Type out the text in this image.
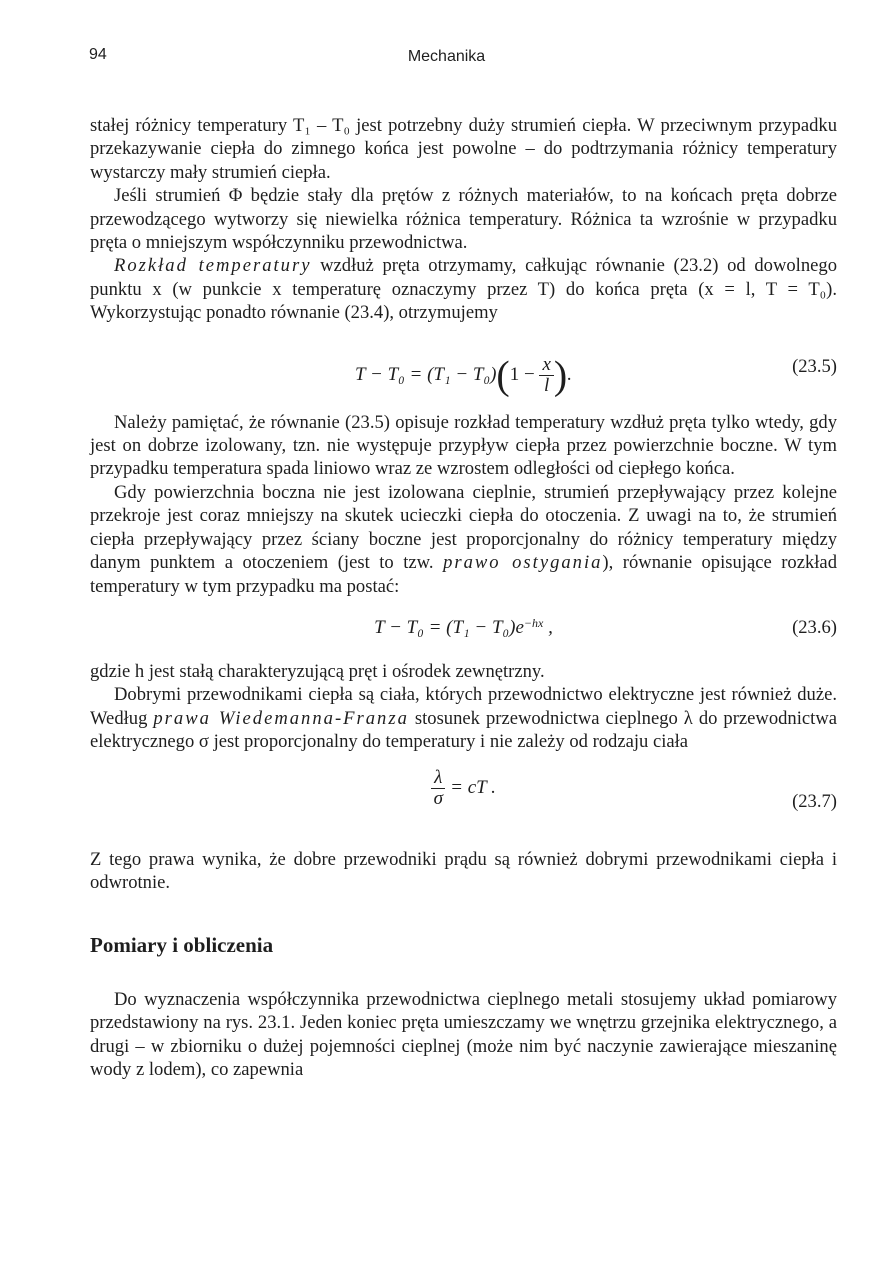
94	Mechanika

stałej różnicy temperatury T₁ – T₀ jest potrzebny duży strumień ciepła. W przeciwnym przypadku przekazywanie ciepła do zimnego końca jest powolne – do podtrzymania różnicy temperatury wystarczy mały strumień ciepła.

Jeśli strumień Φ będzie stały dla prętów z różnych materiałów, to na końcach pręta dobrze przewodzącego wytworzy się niewielka różnica temperatury. Różnica ta wzrośnie w przypadku pręta o mniejszym współczynniku przewodnictwa.

Rozkład temperatury wzdłuż pręta otrzymamy, całkując równanie (23.2) od dowolnego punktu x (w punkcie x temperaturę oznaczymy przez T) do końca pręta (x = l, T = T₀). Wykorzystując ponadto równanie (23.4), otrzymujemy

$T - T_0 = (T_1 - T_0)(1 - \frac{x}{l}$ ).	(23.5)

Należy pamiętać, że równanie (23.5) opisuje rozkład temperatury wzdłuż pręta tylko wtedy, gdy jest on dobrze izolowany, tzn. nie występuje przypływ ciepła przez powierzchnie boczne. W tym przypadku temperatura spada liniowo wraz ze wzrostem odległości od ciepłego końca.

Gdy powierzchnia boczna nie jest izolowana cieplnie, strumień przepływający przez kolejne przekroje jest coraz mniejszy na skutek ucieczki ciepła do otoczenia. Z uwagi na to, że strumień ciepła przepływający przez ściany boczne jest proporcjonalny do różnicy temperatury między danym punktem a otoczeniem (jest to tzw. prawo ostygania), równanie opisujące rozkład temperatury w tym przypadku ma postać:

$T - T_0 = (T_1 - T_0)e^{-hx}$ ,	(23.6)

gdzie h jest stałą charakteryzującą pręt i ośrodek zewnętrzny.

Dobrymi przewodnikami ciepła są ciała, których przewodnictwo elektryczne jest również duże. Według prawa Wiedemanna-Franza stosunek przewodnictwa cieplnego λ do przewodnictwa elektrycznego σ jest proporcjonalny do temperatury i nie zależy od rodzaju ciała

$\frac{\lambda}{\sigma}$ = cT .
(23.7)

Z tego prawa wynika, że dobre przewodniki prądu są również dobrymi przewodnikami ciepła i odwrotnie.

Pomiary i obliczenia

Do wyznaczenia współczynnika przewodnictwa cieplnego metali stosujemy układ pomiarowy przedstawiony na rys. 23.1. Jeden koniec pręta umieszczamy we wnętrzu grzejnika elektrycznego, a drugi – w zbiorniku o dużej pojemności cieplnej (może nim być naczynie zawierające mieszaninę wody z lodem), co zapewnia
